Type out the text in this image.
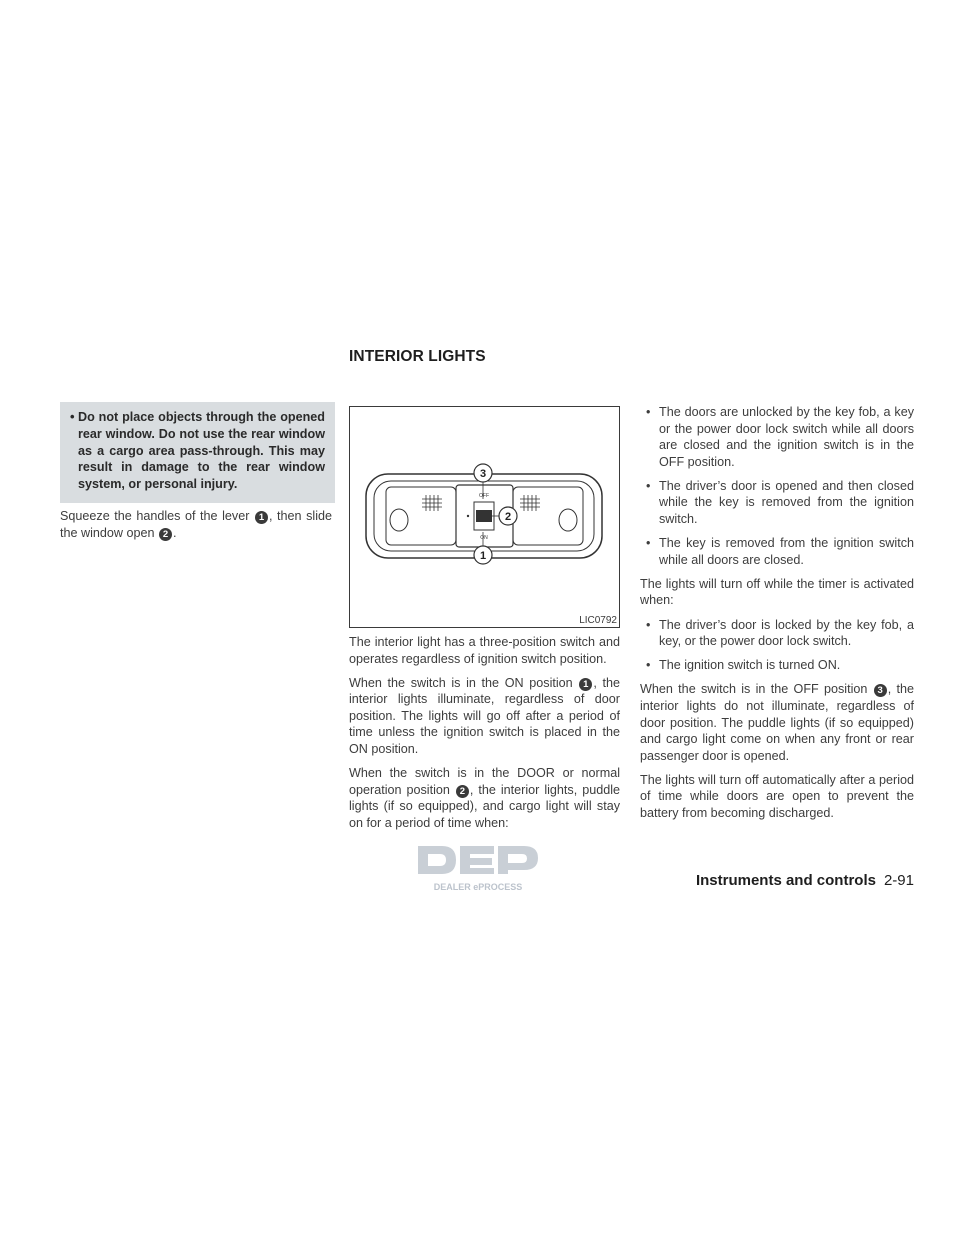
INTERIOR LIGHTS
• Do not place objects through the opened rear window. Do not use the rear window as a cargo area pass-through. This may result in damage to the rear window system, or personal injury.

Squeeze the handles of the lever 1 , then slide the window open 2 .

OFF
ON
3
2
1
LIC0792

The interior light has a three-position switch and operates regardless of ignition switch position.

When the switch is in the ON position 1 , the interior lights illuminate, regardless of door position. The lights will go off after a period of time unless the ignition switch is placed in the ON position.

When the switch is in the DOOR or normal operation position 2 , the interior lights, puddle lights (if so equipped), and cargo light will stay on for a period of time when:

• The doors are unlocked by the key fob, a key or the power door lock switch while all doors are closed and the ignition switch is in the OFF position.
• The driver’s door is opened and then closed while the key is removed from the ignition switch.
• The key is removed from the ignition switch while all doors are closed.

The lights will turn off while the timer is activated when:

• The driver’s door is locked by the key fob, a key, or the power door lock switch.
• The ignition switch is turned ON.

When the switch is in the OFF position 3 , the interior lights do not illuminate, regardless of door position. The puddle lights (if so equipped) and cargo light come on when any front or rear passenger door is opened.

The lights will turn off automatically after a period of time while doors are open to prevent the battery from becoming discharged.

DEALER ePROCESS	Instruments and controls 2-91
